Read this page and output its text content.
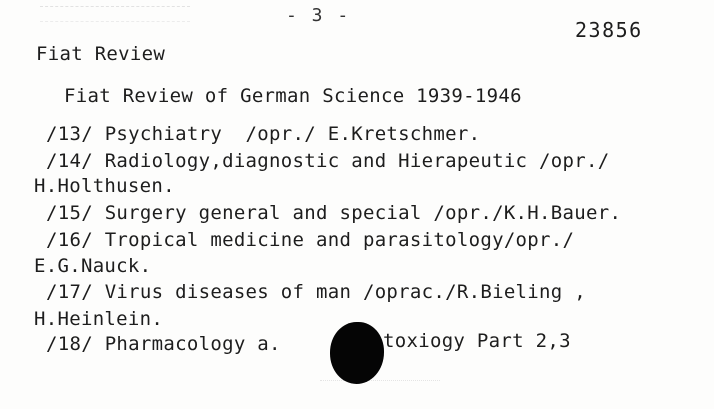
- 3 -
23856
Fiat Review
Fiat Review of German Science 1939-1946
/13/ Psychiatry  /opr./ E.Kretschmer.
/14/ Radiology,diagnostic and Hierapeutic /opr./
H.Holthusen.
/15/ Surgery general and special /opr./K.H.Bauer.
/16/ Tropical medicine and parasitology/opr./
E.G.Nauck.
/17/ Virus diseases of man /oprac./R.Bieling ,
H.Heinlein.
/18/ Pharmacology a.	toxiogy Part 2,3
